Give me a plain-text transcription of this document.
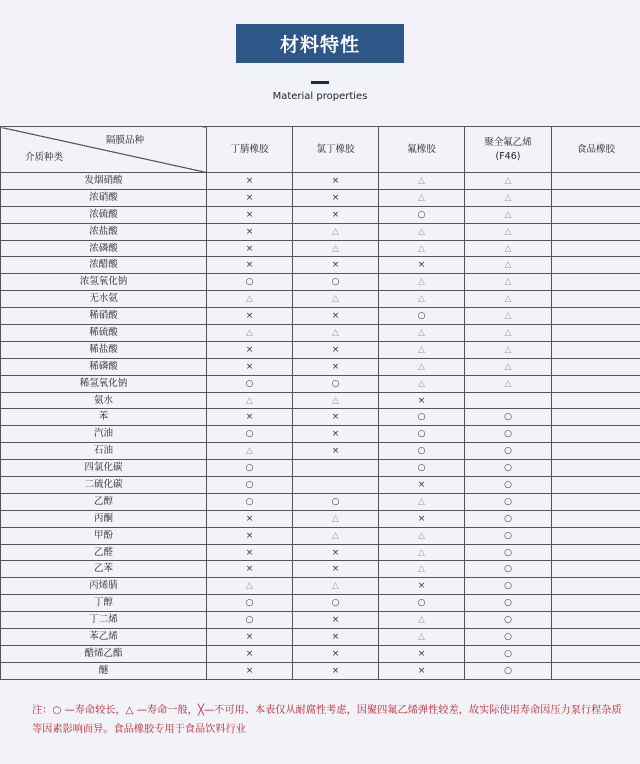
材料特性
Material properties
隔膜品种
介质种类	丁腈橡胶	氯丁橡胶	氟橡胶	聚全氟乙烯
(F46)	食品橡胶
发烟硝酸	×	×	△	△	
浓硝酸	×	×	△	△	
浓硫酸	×	×	○	△	
浓盐酸	×	△	△	△	
浓磷酸	×	△	△	△	
浓醋酸	×	×	×	△	
浓氢氧化钠	○	○	△	△	
无水氨	△	△	△	△	
稀硝酸	×	×	○	△	
稀硫酸	△	△	△	△	
稀盐酸	×	×	△	△	
稀磷酸	×	×	△	△	
稀氢氧化钠	○	○	△	△	
氨水	△	△	×		
苯	×	×	○	○	
汽油	○	×	○	○	
石油	△	×	○	○	
四氯化碳	○		○	○	
二硫化碳	○		×	○	
乙醇	○	○	△	○	
丙酮	×	△	×	○	
甲酚	×	△	△	○	
乙醛	×	×	△	○	
乙苯	×	×	△	○	
丙烯腈	△	△	×	○	
丁醇	○	○	○	○	
丁二烯	○	×	△	○	
苯乙烯	×	×	△	○	
醋烯乙酯	×	×	×	○	
醚	×	×	×	○	
注：○ —寿命较长，△ —寿命一般，╳—不可用、本表仅从耐腐性考虑，因聚四氟乙烯弹性较差，故实际使用寿命因压力泵行程杂质等因素影响而异。食品橡胶专用于食品饮料行业
